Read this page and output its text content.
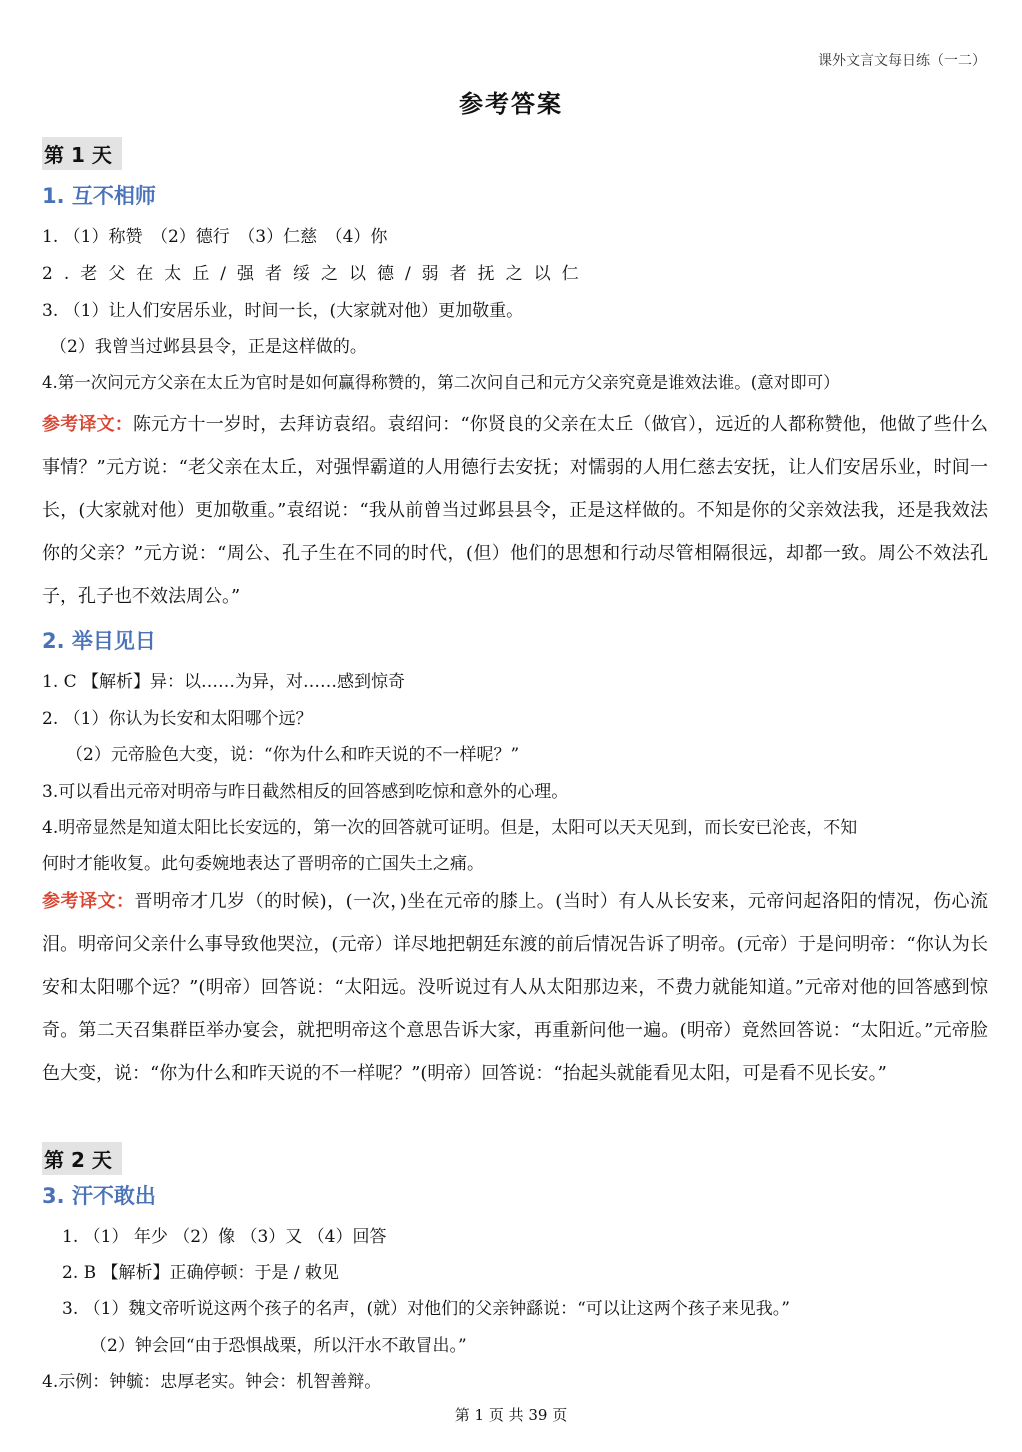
课外文言文每日练（一二）
参考答案
第 1 天
1. 互不相师
1. （1）称赞　（2）德行　（3）仁慈　（4）你
2.老父在太丘/强者绥之以德/弱者抚之以仁
3. （1）让人们安居乐业，时间一长，(大家就对他）更加敬重。
（2）我曾当过邺县县令，正是这样做的。
4.第一次问元方父亲在太丘为官时是如何赢得称赞的，第二次问自己和元方父亲究竟是谁效法谁。(意对即可）
参考译文：陈元方十一岁时，去拜访袁绍。袁绍问：“你贤良的父亲在太丘（做官），远近的人都称赞他，他做了些什么事情？”元方说：“老父亲在太丘，对强悍霸道的人用德行去安抚；对懦弱的人用仁慈去安抚，让人们安居乐业，时间一长，(大家就对他）更加敬重。”袁绍说：“我从前曾当过邺县县令，正是这样做的。不知是你的父亲效法我，还是我效法你的父亲？”元方说：“周公、孔子生在不同的时代，(但）他们的思想和行动尽管相隔很远，却都一致。周公不效法孔子，孔子也不效法周公。”
2. 举目见日
1. C 【解析】异：以……为异，对……感到惊奇
2. （1）你认为长安和太阳哪个远？
（2）元帝脸色大变，说：“你为什么和昨天说的不一样呢？”
3.可以看出元帝对明帝与昨日截然相反的回答感到吃惊和意外的心理。
4.明帝显然是知道太阳比长安远的，第一次的回答就可证明。但是，太阳可以天天见到，而长安已沦丧，不知
何时才能收复。此句委婉地表达了晋明帝的亡国失土之痛。
参考译文：晋明帝才几岁（的时候)，(一次，)坐在元帝的膝上。(当时）有人从长安来，元帝问起洛阳的情况，伤心流泪。明帝问父亲什么事导致他哭泣，(元帝）详尽地把朝廷东渡的前后情况告诉了明帝。(元帝）于是问明帝：“你认为长安和太阳哪个远？”(明帝）回答说：“太阳远。没听说过有人从太阳那边来，不费力就能知道。”元帝对他的回答感到惊奇。第二天召集群臣举办宴会，就把明帝这个意思告诉大家，再重新问他一遍。(明帝）竟然回答说：“太阳近。”元帝脸色大变，说：“你为什么和昨天说的不一样呢？”(明帝）回答说：“抬起头就能看见太阳，可是看不见长安。”
第 2 天
3. 汗不敢出
1. （1） 年少 （2）像 （3）又 （4）回答
2. B 【解析】正确停顿：于是 / 敕见
3. （1）魏文帝听说这两个孩子的名声，(就）对他们的父亲钟繇说：“可以让这两个孩子来见我。”
（2）钟会回“由于恐惧战栗，所以汗水不敢冒出。”
4.示例：钟毓：忠厚老实。钟会：机智善辩。
第 1 页 共 39 页
